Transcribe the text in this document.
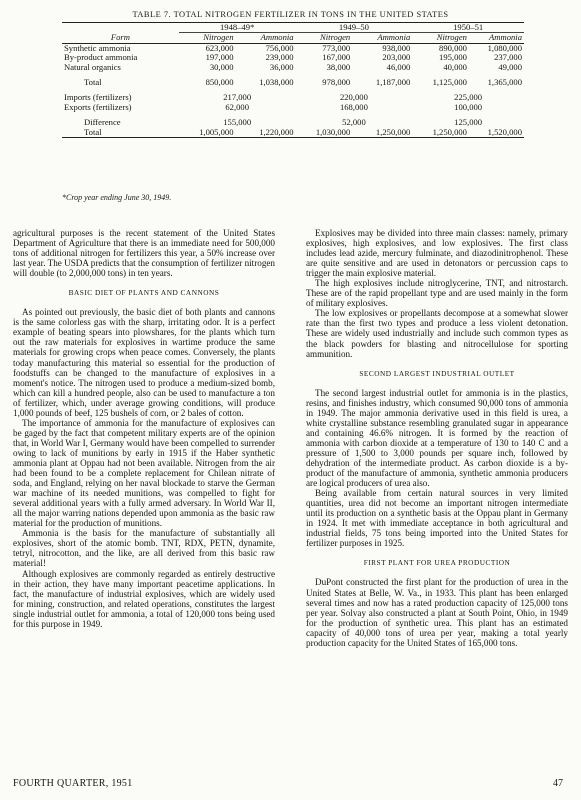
TABLE 7. TOTAL NITROGEN FERTILIZER IN TONS IN THE UNITED STATES
	1948–49*		1949–50		1950–51	
Form	Nitrogen	Ammonia	Nitrogen	Ammonia	Nitrogen	Ammonia
Synthetic ammonia	623,000	756,000	773,000	938,000	890,000	1,080,000
By-product ammonia	197,000	239,000	167,000	203,000	195,000	237,000
Natural organics	30,000	36,000	38,000	46,000	40,000	49,000

Total	850,000	1,038,000	978,000	1,187,000	1,125,000	1,365,000

Imports (fertilizers)	217,000		220,000		225,000	
Exports (fertilizers)	62,000		168,000		100,000	

Difference	155,000		52,000		125,000	
Total	1,005,000	1,220,000	1,030,000	1,250,000	1,250,000	1,520,000
*Crop year ending June 30, 1949.

agricultural purposes is the recent statement of the United States Department of Agriculture that there is an immediate need for 500,000 tons of additional nitrogen for fertilizers this year, a 50% increase over last year. The USDA predicts that the consumption of fertilizer nitrogen will double (to 2,000,000 tons) in ten years.

BASIC DIET OF PLANTS AND CANNONS

As pointed out previously, the basic diet of both plants and cannons is the same colorless gas with the sharp, irritating odor. It is a perfect example of beating spears into plowshares, for the plants which turn out the raw materials for explosives in wartime produce the same materials for growing crops when peace comes. Conversely, the plants today manufacturing this material so essential for the production of foodstuffs can be changed to the manufacture of explosives in a moment's notice. The nitrogen used to produce a medium-sized bomb, which can kill a hundred people, also can be used to manufacture a ton of fertilizer, which, under average growing conditions, will produce 1,000 pounds of beef, 125 bushels of corn, or 2 bales of cotton.

The importance of ammonia for the manufacture of explosives can be gaged by the fact that competent military experts are of the opinion that, in World War I, Germany would have been compelled to surrender owing to lack of munitions by early in 1915 if the Haber synthetic ammonia plant at Oppau had not been available. Nitrogen from the air had been found to be a complete replacement for Chilean nitrate of soda, and England, relying on her naval blockade to starve the German war machine of its needed munitions, was compelled to fight for several additional years with a fully armed adversary. In World War II, all the major warring nations depended upon ammonia as the basic raw material for the production of munitions.

Ammonia is the basis for the manufacture of substantially all explosives, short of the atomic bomb. TNT, RDX, PETN, dynamite, tetryl, nitrocotton, and the like, are all derived from this basic raw material!

Although explosives are commonly regarded as entirely destructive in their action, they have many important peacetime applications. In fact, the manufacture of industrial explosives, which are widely used for mining, construction, and related operations, constitutes the largest single industrial outlet for ammonia, a total of 120,000 tons being used for this purpose in 1949.

Explosives may be divided into three main classes: namely, primary explosives, high explosives, and low explosives. The first class includes lead azide, mercury fulminate, and diazodinitrophenol. These are quite sensitive and are used in detonators or percussion caps to trigger the main explosive material.

The high explosives include nitroglycerine, TNT, and nitrostarch. These are of the rapid propellant type and are used mainly in the form of military explosives.

The low explosives or propellants decompose at a somewhat slower rate than the first two types and produce a less violent detonation. These are widely used industrially and include such common types as the black powders for blasting and nitrocellulose for sporting ammunition.

SECOND LARGEST INDUSTRIAL OUTLET

The second largest industrial outlet for ammonia is in the plastics, resins, and finishes industry, which consumed 90,000 tons of ammonia in 1949. The major ammonia derivative used in this field is urea, a white crystalline substance resembling granulated sugar in appearance and containing 46.6% nitrogen. It is formed by the reaction of ammonia with carbon dioxide at a temperature of 130 to 140 C and a pressure of 1,500 to 3,000 pounds per square inch, followed by dehydration of the intermediate product. As carbon dioxide is a by-product of the manufacture of ammonia, synthetic ammonia producers are logical producers of urea also.

Being available from certain natural sources in very limited quantities, urea did not become an important nitrogen intermediate until its production on a synthetic basis at the Oppau plant in Germany in 1924. It met with immediate acceptance in both agricultural and industrial fields, 75 tons being imported into the United States for fertilizer purposes in 1925.

FIRST PLANT FOR UREA PRODUCTION

DuPont constructed the first plant for the production of urea in the United States at Belle, W. Va., in 1933. This plant has been enlarged several times and now has a rated production capacity of 125,000 tons per year. Solvay also constructed a plant at South Point, Ohio, in 1949 for the production of synthetic urea. This plant has an estimated capacity of 40,000 tons of urea per year, making a total yearly production capacity for the United States of 165,000 tons.

FOURTH QUARTER, 1951	47
